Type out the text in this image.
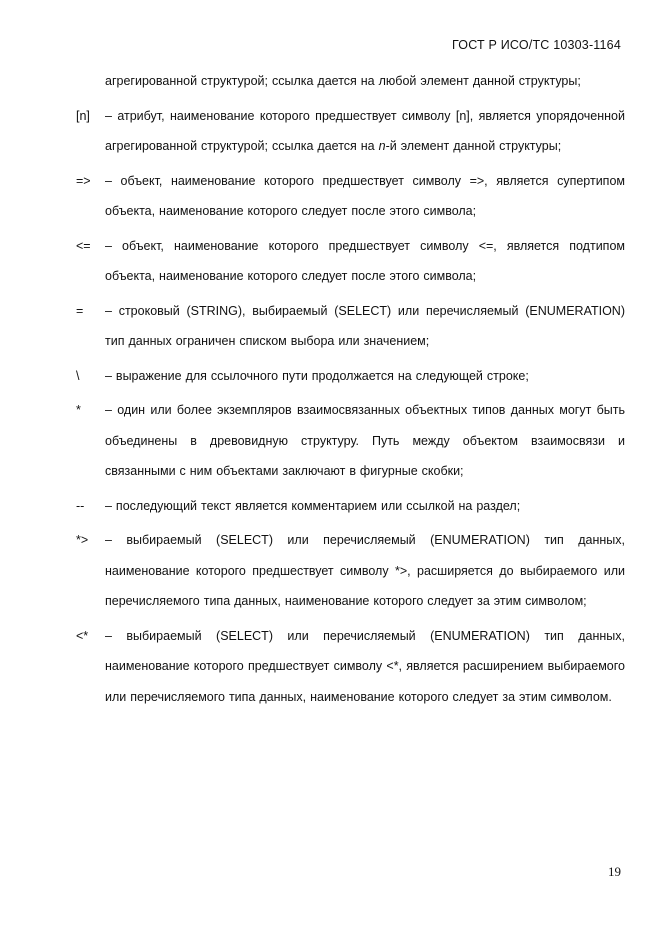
ГОСТ Р ИСО/ТС 10303-1164
агрегированной структурой; ссылка дается на любой элемент данной структуры;
[n] – атрибут, наименование которого предшествует символу [n], является упорядоченной агрегированной структурой; ссылка дается на n-й элемент данной структуры;
=> – объект, наименование которого предшествует символу =>, является супертипом объекта, наименование которого следует после этого символа;
<= – объект, наименование которого предшествует символу <=, является подтипом объекта, наименование которого следует после этого символа;
= – строковый (STRING), выбираемый (SELECT) или перечисляемый (ENUMERATION) тип данных ограничен списком выбора или значением;
\ – выражение для ссылочного пути продолжается на следующей строке;
* – один или более экземпляров взаимосвязанных объектных типов данных могут быть объединены в древовидную структуру. Путь между объектом взаимосвязи и связанными с ним объектами заключают в фигурные скобки;
-- – последующий текст является комментарием или ссылкой на раздел;
*> – выбираемый (SELECT) или перечисляемый (ENUMERATION) тип данных, наименование которого предшествует символу *>, расширяется до выбираемого или перечисляемого типа данных, наименование которого следует за этим символом;
<* – выбираемый (SELECT) или перечисляемый (ENUMERATION) тип данных, наименование которого предшествует символу <*, является расширением выбираемого или перечисляемого типа данных, наименование которого следует за этим символом.
19
